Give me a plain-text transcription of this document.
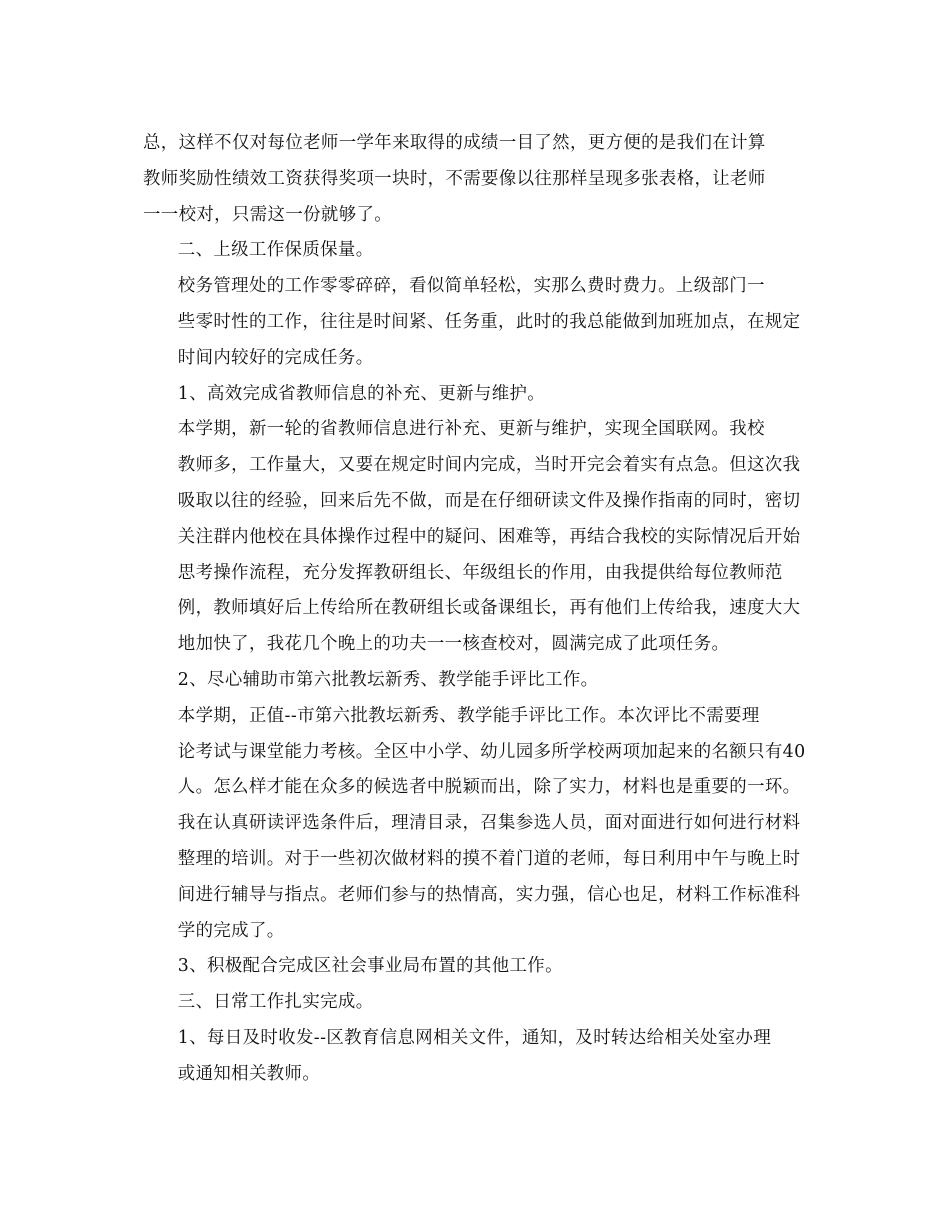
总，这样不仅对每位老师一学年来取得的成绩一目了然，更方便的是我们在计算
教师奖励性绩效工资获得奖项一块时，不需要像以往那样呈现多张表格，让老师
一一校对，只需这一份就够了。

二、上级工作保质保量。

校务管理处的工作零零碎碎，看似简单轻松，实那么费时费力。上级部门一
些零时性的工作，往往是时间紧、任务重，此时的我总能做到加班加点，在规定
时间内较好的完成任务。

1、高效完成省教师信息的补充、更新与维护。

本学期，新一轮的省教师信息进行补充、更新与维护，实现全国联网。我校
教师多，工作量大，又要在规定时间内完成，当时开完会着实有点急。但这次我
吸取以往的经验，回来后先不做，而是在仔细研读文件及操作指南的同时，密切
关注群内他校在具体操作过程中的疑问、困难等，再结合我校的实际情况后开始
思考操作流程，充分发挥教研组长、年级组长的作用，由我提供给每位教师范
例，教师填好后上传给所在教研组长或备课组长，再有他们上传给我，速度大大
地加快了，我花几个晚上的功夫一一核查校对，圆满完成了此项任务。

2、尽心辅助市第六批教坛新秀、教学能手评比工作。

本学期，正值--市第六批教坛新秀、教学能手评比工作。本次评比不需要理
论考试与课堂能力考核。全区中小学、幼儿园多所学校两项加起来的名额只有40
人。怎么样才能在众多的候选者中脱颖而出，除了实力，材料也是重要的一环。
我在认真研读评选条件后，理清目录，召集参选人员，面对面进行如何进行材料
整理的培训。对于一些初次做材料的摸不着门道的老师，每日利用中午与晚上时
间进行辅导与指点。老师们参与的热情高，实力强，信心也足，材料工作标准科
学的完成了。

3、积极配合完成区社会事业局布置的其他工作。

三、日常工作扎实完成。

1、每日及时收发--区教育信息网相关文件，通知，及时转达给相关处室办理
或通知相关教师。
